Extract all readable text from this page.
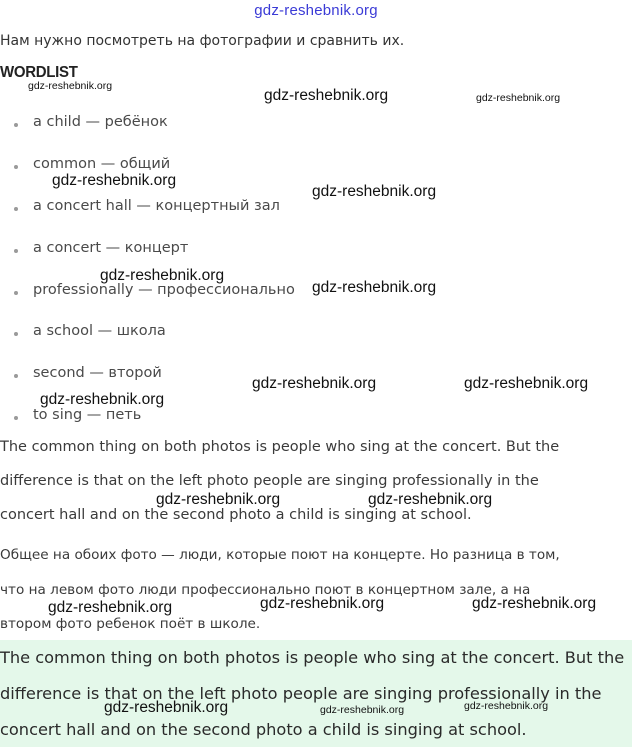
gdz-reshebnik.org
Нам нужно посмотреть на фотографии и сравнить их.
WORDLIST
a child — ребёнок
common — общий
a concert hall — концертный зал
a concert — концерт
professionally — профессионально
a school — школа
second — второй
to sing — петь
The common thing on both photos is people who sing at the concert. But the
difference is that on the left photo people are singing professionally in the
concert hall and on the second photo a child is singing at school.
Общее на обоих фото — люди, которые поют на концерте. Но разница в том,
что на левом фото люди профессионально поют в концертном зале, а на
втором фото ребенок поёт в школе.
The common thing on both photos is people who sing at the concert. But the
difference is that on the left photo people are singing professionally in the
concert hall and on the second photo a child is singing at school.
gdz-reshebnik.org
gdz-reshebnik.org	gdz-reshebnik.org
gdz-reshebnik.org
gdz-reshebnik.org
gdz-reshebnik.org
gdz-reshebnik.org
gdz-reshebnik.org	gdz-reshebnik.org
gdz-reshebnik.org
gdz-reshebnik.org	gdz-reshebnik.org
gdz-reshebnik.org	gdz-reshebnik.org	gdz-reshebnik.org
gdz-reshebnik.org	gdz-reshebnik.org	gdz-reshebnik.org
